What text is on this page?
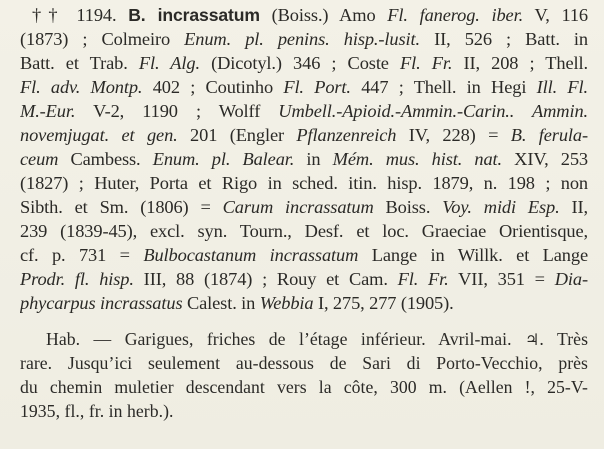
†† 1194. B. incrassatum (Boiss.) Amo Fl. fanerog. iber. V, 116
(1873) ; Colmeiro Enum. pl. penins. hisp.-lusit. II, 526 ; Batt. in
Batt. et Trab. Fl. Alg. (Dicotyl.) 346 ; Coste Fl. Fr. II, 208 ; Thell.
Fl. adv. Montp. 402 ; Coutinho Fl. Port. 447 ; Thell. in Hegi Ill. Fl.
M.-Eur. V-2, 1190 ; Wolff Umbell.-Apioid.-Ammin.-Carin.. Ammin.
novemjugat. et gen. 201 (Engler Pflanzenreich IV, 228) = B. ferula-
ceum Cambess. Enum. pl. Balear. in Mém. mus. hist. nat. XIV, 253
(1827) ; Huter, Porta et Rigo in sched. itin. hisp. 1879, n. 198 ; non
Sibth. et Sm. (1806) = Carum incrassatum Boiss. Voy. midi Esp. II,
239 (1839-45), excl. syn. Tourn., Desf. et loc. Graeciae Orientisque,
cf. p. 731 = Bulbocastanum incrassatum Lange in Willk. et Lange
Prodr. fl. hisp. III, 88 (1874) ; Rouy et Cam. Fl. Fr. VII, 351 = Dia-
phycarpus incrassatus Calest. in Webbia I, 275, 277 (1905).
Hab. — Garigues, friches de l’étage inférieur. Avril-mai. ♃. Très
rare. Jusqu’ici seulement au-dessous de Sari di Porto-Vecchio, près
du chemin muletier descendant vers la côte, 300 m. (Aellen !, 25-V-
1935, fl., fr. in herb.).
